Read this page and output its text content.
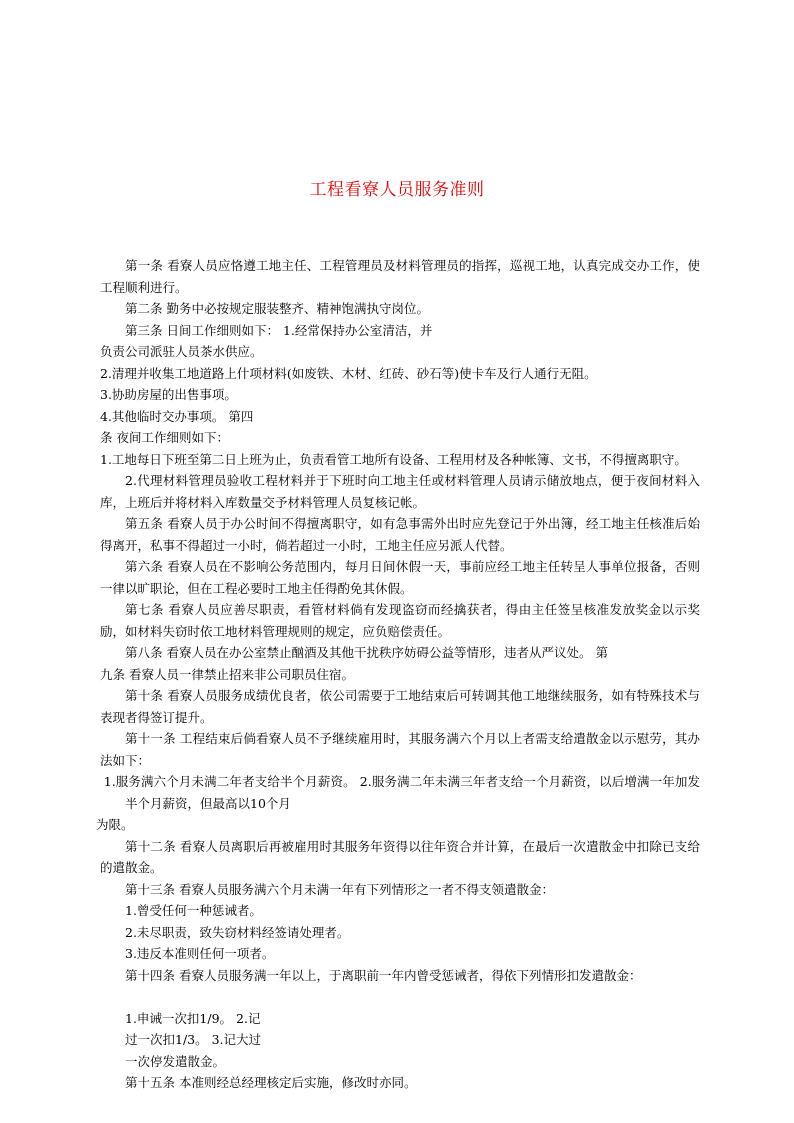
工程看寮人员服务准则

第一条 看寮人员应恪遵工地主任、工程管理员及材料管理员的指挥，巡视工地，认真完成交办工作，使工程顺利进行。

第二条 勤务中必按规定服装整齐、精神饱满执守岗位。

第三条 日间工作细则如下： 1.经常保持办公室清洁，并

负责公司派驻人员茶水供应。

2.清理并收集工地道路上什项材料(如废铁、木材、红砖、砂石等)使卡车及行人通行无阻。

3.协助房屋的出售事项。

4.其他临时交办事项。 第四

条 夜间工作细则如下：

1.工地每日下班至第二日上班为止，负责看管工地所有设备、工程用材及各种帐簿、文书，不得擅离职守。

2.代理材料管理员验收工程材料并于下班时向工地主任或材料管理人员请示储放地点，便于夜间材料入库，上班后并将材料入库数量交予材料管理人员复核记帐。

第五条 看寮人员于办公时间不得擅离职守，如有急事需外出时应先登记于外出簿，经工地主任核准后始得离开，私事不得超过一小时，倘若超过一小时，工地主任应另派人代替。

第六条 看寮人员在不影响公务范围内，每月日间休假一天，事前应经工地主任转呈人事单位报备，否则一律以旷职论，但在工程必要时工地主任得酌免其休假。

第七条 看寮人员应善尽职责，看管材料倘有发现盗窃而经擒获者，得由主任签呈核准发放奖金以示奖励，如材料失窃时依工地材料管理规则的规定，应负赔偿责任。

第八条 看寮人员在办公室禁止酗酒及其他干扰秩序妨碍公益等情形，违者从严议处。 第

九条 看寮人员一律禁止招来非公司职员住宿。

第十条 看寮人员服务成绩优良者，依公司需要于工地结束后可转调其他工地继续服务，如有特殊技术与表现者得签订提升。

第十一条 工程结束后倘看寮人员不予继续雇用时，其服务满六个月以上者需支给遣散金以示慰劳，其办法如下：

1.服务满六个月未满二年者支给半个月薪资。 2.服务满二年未满三年者支给一个月薪资，以后增满一年加发半个月薪资，但最高以10个月

为限。

第十二条 看寮人员离职后再被雇用时其服务年资得以往年资合并计算，在最后一次遣散金中扣除已支给的遣散金。

第十三条 看寮人员服务满六个月未满一年有下列情形之一者不得支领遣散金：

1.曾受任何一种惩诫者。

2.未尽职责，致失窃材料经签请处理者。

3.违反本准则任何一项者。

第十四条 看寮人员服务满一年以上，于离职前一年内曾受惩诫者，得依下列情形扣发遣散金：

1.申诫一次扣1/9。 2.记

过一次扣1/3。 3.记大过

一次停发遣散金。

第十五条 本准则经总经理核定后实施，修改时亦同。
